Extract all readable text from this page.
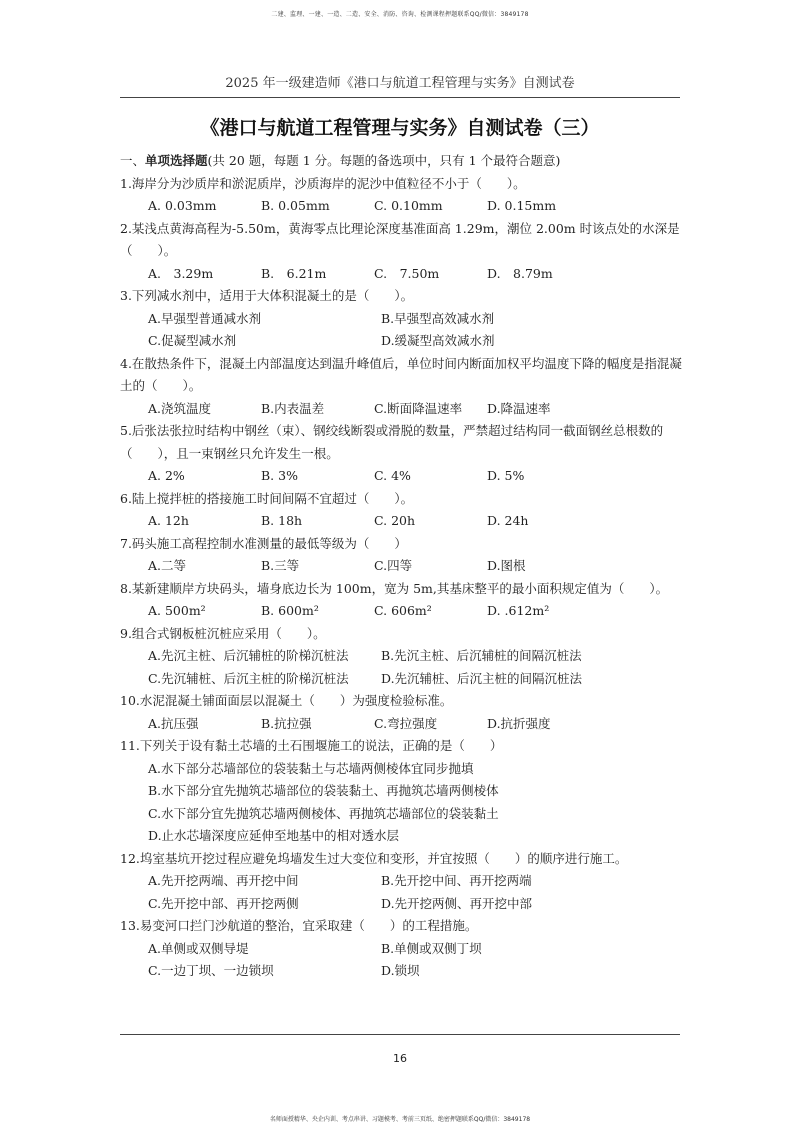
二建、监理、一建、一造、二造、安全、消防、咨询、检测课程押题联系QQ/微信：3849178
2025 年一级建造师《港口与航道工程管理与实务》自测试卷
《港口与航道工程管理与实务》自测试卷（三）
一、单项选择题(共 20 题，每题 1 分。每题的备选项中，只有 1 个最符合题意)
1.海岸分为沙质岸和淤泥质岸，沙质海岸的泥沙中值粒径不小于（　　）。
A. 0.03mm	B. 0.05mm	C. 0.10mm	D. 0.15mm
2.某浅点黄海高程为-5.50m，黄海零点比理论深度基准面高 1.29m，潮位 2.00m 时该点处的水深是（　　）。
A.　3.29m	B.　6.21m	C.　7.50m	D.　8.79m
3.下列减水剂中，适用于大体积混凝土的是（　　）。
A.早强型普通减水剂	B.早强型高效减水剂
C.促凝型减水剂	D.缓凝型高效减水剂
4.在散热条件下，混凝土内部温度达到温升峰值后，单位时间内断面加权平均温度下降的幅度是指混凝土的（　　）。
A.浇筑温度	B.内表温差	C.断面降温速率	D.降温速率
5.后张法张拉时结构中钢丝（束）、钢绞线断裂或滑脱的数量，严禁超过结构同一截面钢丝总根数的（　　），且一束钢丝只允许发生一根。
A. 2%	B. 3%	C. 4%	D. 5%
6.陆上搅拌桩的搭接施工时间间隔不宜超过（　　）。
A. 12h	B. 18h	C. 20h	D. 24h
7.码头施工高程控制水准测量的最低等级为（　　）
A.二等	B.三等	C.四等	D.图根
8.某新建顺岸方块码头，墙身底边长为 100m，宽为 5m,其基床整平的最小面积规定值为（　　）。
A. 500m²	B. 600m²	C. 606m²	D. .612m²
9.组合式钢板桩沉桩应采用（　　）。
A.先沉主桩、后沉辅桩的阶梯沉桩法	B.先沉主桩、后沉辅桩的间隔沉桩法
C.先沉辅桩、后沉主桩的阶梯沉桩法	D.先沉辅桩、后沉主桩的间隔沉桩法
10.水泥混凝土铺面面层以混凝土（　　）为强度检验标准。
A.抗压强	B.抗拉强	C.弯拉强度	D.抗折强度
11.下列关于设有黏土芯墙的土石围堰施工的说法，正确的是（　　）
A.水下部分芯墙部位的袋装黏土与芯墙两侧棱体宜同步抛填
B.水下部分宜先抛筑芯墙部位的袋装黏土、再抛筑芯墙两侧棱体
C.水下部分宜先抛筑芯墙两侧棱体、再抛筑芯墙部位的袋装黏土
D.止水芯墙深度应延伸至地基中的相对透水层
12.坞室基坑开挖过程应避免坞墙发生过大变位和变形，并宜按照（　　）的顺序进行施工。
A.先开挖两端、再开挖中间	B.先开挖中间、再开挖两端
C.先开挖中部、再开挖两侧	D.先开挖两侧、再开挖中部
13.易变河口拦门沙航道的整治，宜采取建（　　）的工程措施。
A.单侧或双侧导堤	B.单侧或双侧丁坝
C.一边丁坝、一边锁坝	D.锁坝
16
名师面授精华、央企内训、考点串讲、习题模考、考前三页纸、绝密押题联系QQ/微信：3849178
